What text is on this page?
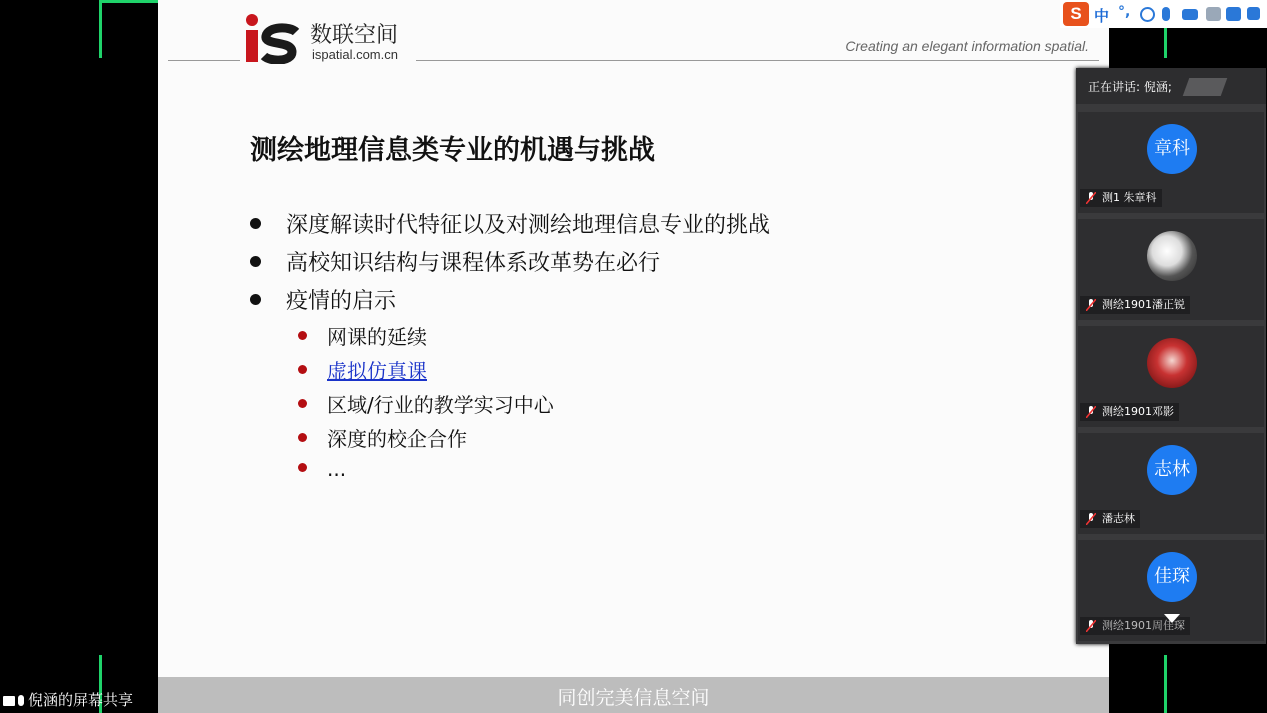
数联空间
ispatial.com.cn
Creating an elegant information spatial.
测绘地理信息类专业的机遇与挑战
深度解读时代特征以及对测绘地理信息专业的挑战
高校知识结构与课程体系改革势在必行
疫情的启示
网课的延续
虚拟仿真课
区域/行业的教学实习中心
深度的校企合作
...
同创完美信息空间
倪涵的屏幕共享
S 中 °,
正在讲话: 倪涵;
章科
测1 朱章科
测绘1901潘正锐
测绘1901邓影
志林
潘志林
佳琛
测绘1901周佳琛
